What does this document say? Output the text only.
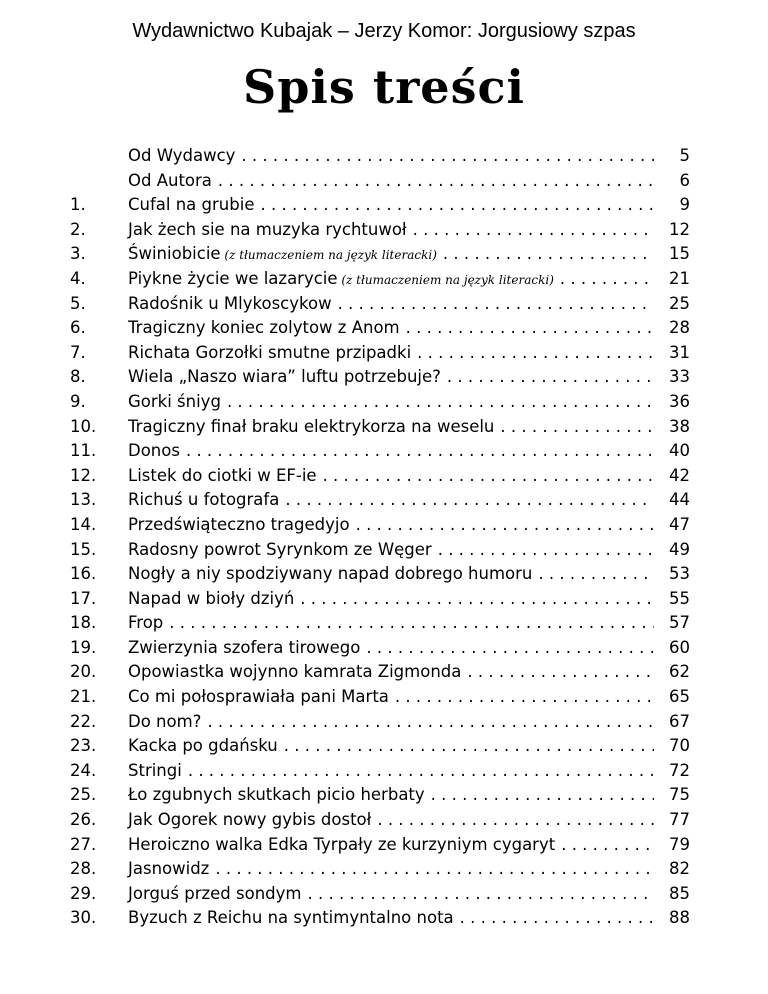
Wydawnictwo Kubajak – Jerzy Komor: Jorgusiowy szpas
Spis treści
Od Wydawcy . . .	5
Od Autora . . .	6
1.	Cufal na grubie . . .	9
2.	Jak żech sie na muzyka rychtuwoł . . .	12
3.	Świniobicie (z tłumaczeniem na język literacki) . . .	15
4.	Piykne życie we lazarycie (z tłumaczeniem na język literacki) . . .	21
5.	Radośnik u Mlykoscykow . . .	25
6.	Tragiczny koniec zolytow z Anom . . .	28
7.	Richata Gorzołki smutne przipadki . . .	31
8.	Wiela „Naszo wiara” luftu potrzebuje? . . .	33
9.	Gorki śniyg . . .	36
10.	Tragiczny finał braku elektrykorza na weselu . . .	38
11.	Donos . . .	40
12.	Listek do ciotki w EF-ie . . .	42
13.	Richuś u fotografa . . .	44
14.	Przedświąteczno tragedyjo . . .	47
15.	Radosny powrot Syrynkom ze Węger . . .	49
16.	Nogły a niy spodziywany napad dobrego humoru . . .	53
17.	Napad w bioły dziyń . . .	55
18.	Frop . . .	57
19.	Zwierzynia szofera tirowego . . .	60
20.	Opowiastka wojynno kamrata Zigmonda . . .	62
21.	Co mi połosprawiała pani Marta . . .	65
22.	Do nom? . . .	67
23.	Kacka po gdańsku . . .	70
24.	Stringi . . .	72
25.	Ło zgubnych skutkach picio herbaty . . .	75
26.	Jak Ogorek nowy gybis dostoł . . .	77
27.	Heroiczno walka Edka Tyrpały ze kurzyniym cygaryt . . .	79
28.	Jasnowidz . . .	82
29.	Jorguś przed sondym . . .	85
30.	Byzuch z Reichu na syntimyntalno nota . . .	88
